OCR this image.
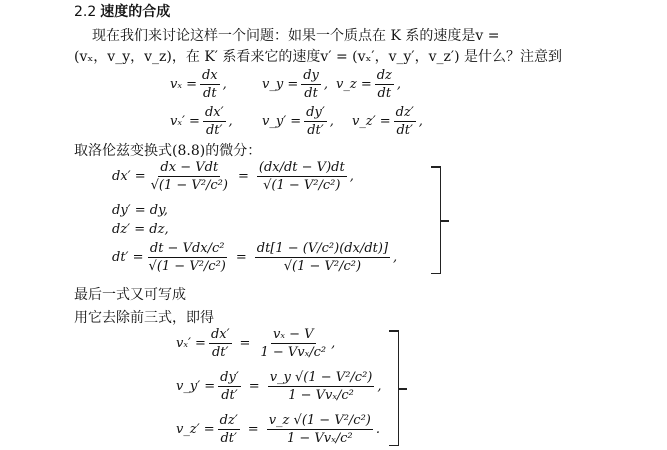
2.2 速度的合成
现在我们来讨论这样一个问题：如果一个质点在 K 系的速度是v =
(vₓ，v_y，v_z)，在 K′ 系看来它的速度v′ = (vₓ′，v_y′，v_z′) 是什么？注意到
$v_x = \frac{dx}{dt}$ ,	v_y = $\frac{dy}{dt}$ , v_z = $\frac{dz}{dt}$ ,
$v_x' = \frac{dx'}{dt'}$ , v_y′ = $\frac{dy'}{dt'}$ , v_z′ = $\frac{dz'}{dt'}$ ,
取洛伦兹变换式(8.8)的微分：
$dx' = \frac{\text{dx − Vdt}}{\text{√(1 − V²/c²)}} = \frac{(dx/dt - V)dt}{\text{√(1 − V²/c²)}}$ ,
dy′ = dy,
dz′ = dz,
$dt' = \frac{\text{dt − Vdx/c²}}{\text{√(1 − V²/c²)}} = \frac{\text{dt[1 − (V/c²)(dx/dt)]}}{\text{√(1 − V²/c²)}}$ ,
最后一式又可写成
用它去除前三式，即得
$v_x' = \frac{dx'}{dt'} = \frac{\text{vₓ − V}}{\text{1 − Vvₓ/c²}}$ ,
v_y′ = $\frac{dy'}{dt'} = \frac{\text{v\_y √(1 − V²/c²)}}{\text{1 − Vvₓ/c²}}$ ,
v_z′ = $\frac{dz'}{dt'} = \frac{\text{v\_z √(1 − V²/c²)}}{\text{1 − Vvₓ/c²}}$ .
